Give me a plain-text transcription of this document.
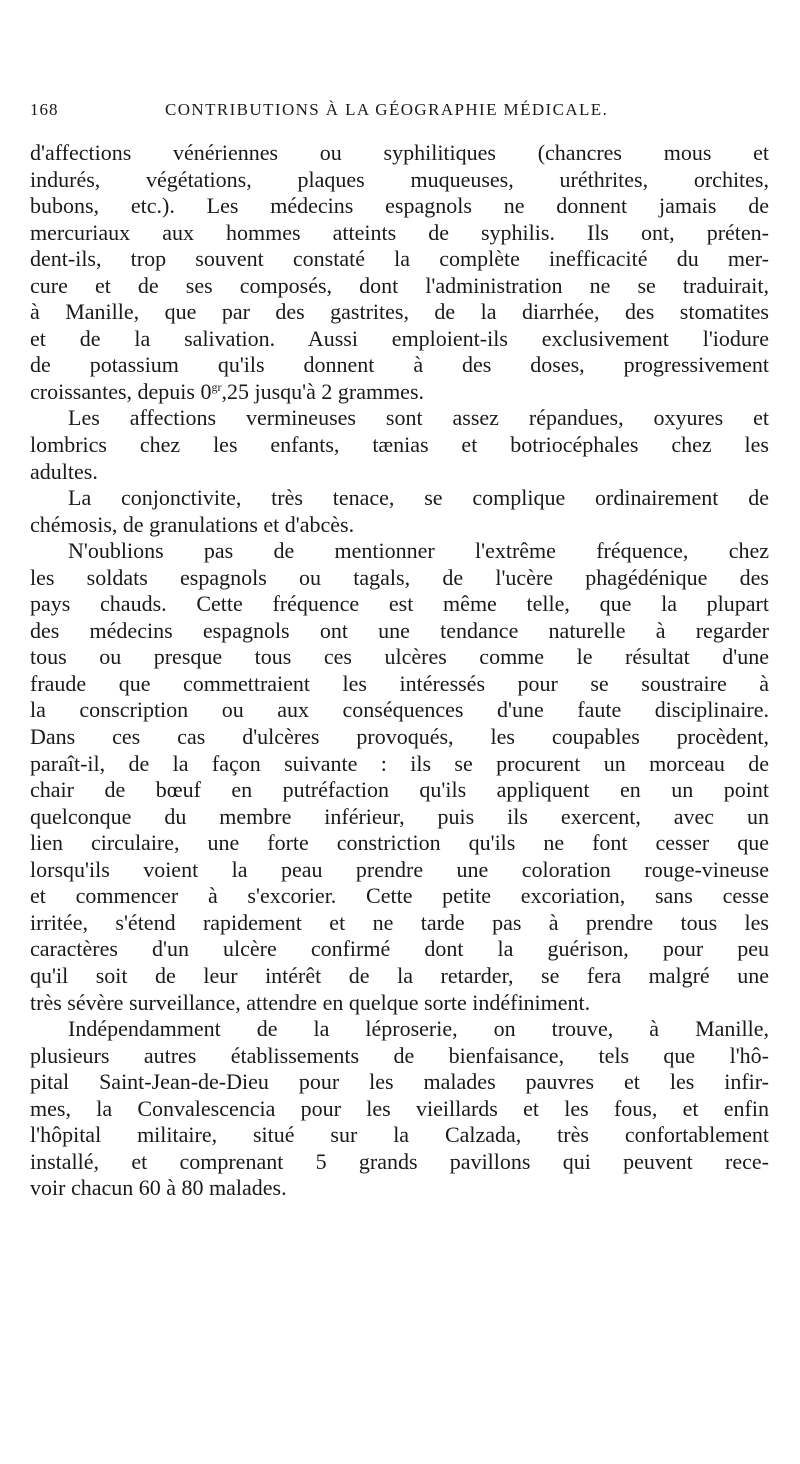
168	CONTRIBUTIONS À LA GÉOGRAPHIE MÉDICALE.

d'affections vénériennes ou syphilitiques (chancres mous et
indurés, végétations, plaques muqueuses, uréthrites, orchites,
bubons, etc.). Les médecins espagnols ne donnent jamais de
mercuriaux aux hommes atteints de syphilis. Ils ont, préten-
dent-ils, trop souvent constaté la complète inefficacité du mer-
cure et de ses composés, dont l'administration ne se traduirait,
à Manille, que par des gastrites, de la diarrhée, des stomatites
et de la salivation. Aussi emploient-ils exclusivement l'iodure
de potassium qu'ils donnent à des doses, progressivement
croissantes, depuis $0^{gr},25$ jusqu'à 2 grammes.

Les affections vermineuses sont assez répandues, oxyures et
lombrics chez les enfants, tænias et botriocéphales chez les
adultes.

La conjonctivite, très tenace, se complique ordinairement de
chémosis, de granulations et d'abcès.

N'oublions pas de mentionner l'extrême fréquence, chez
les soldats espagnols ou tagals, de l'ucère phagédénique des
pays chauds. Cette fréquence est même telle, que la plupart
des médecins espagnols ont une tendance naturelle à regarder
tous ou presque tous ces ulcères comme le résultat d'une
fraude que commettraient les intéressés pour se soustraire à
la conscription ou aux conséquences d'une faute disciplinaire.
Dans ces cas d'ulcères provoqués, les coupables procèdent,
paraît-il, de la façon suivante : ils se procurent un morceau de
chair de bœuf en putréfaction qu'ils appliquent en un point
quelconque du membre inférieur, puis ils exercent, avec un
lien circulaire, une forte constriction qu'ils ne font cesser que
lorsqu'ils voient la peau prendre une coloration rouge-vineuse
et commencer à s'excorier. Cette petite excoriation, sans cesse
irritée, s'étend rapidement et ne tarde pas à prendre tous les
caractères d'un ulcère confirmé dont la guérison, pour peu
qu'il soit de leur intérêt de la retarder, se fera malgré une
très sévère surveillance, attendre en quelque sorte indéfiniment.

Indépendamment de la léproserie, on trouve, à Manille,
plusieurs autres établissements de bienfaisance, tels que l'hô-
pital Saint-Jean-de-Dieu pour les malades pauvres et les infir-
mes, la Convalescencia pour les vieillards et les fous, et enfin
l'hôpital militaire, situé sur la Calzada, très confortablement
installé, et comprenant 5 grands pavillons qui peuvent rece-
voir chacun 60 à 80 malades.
